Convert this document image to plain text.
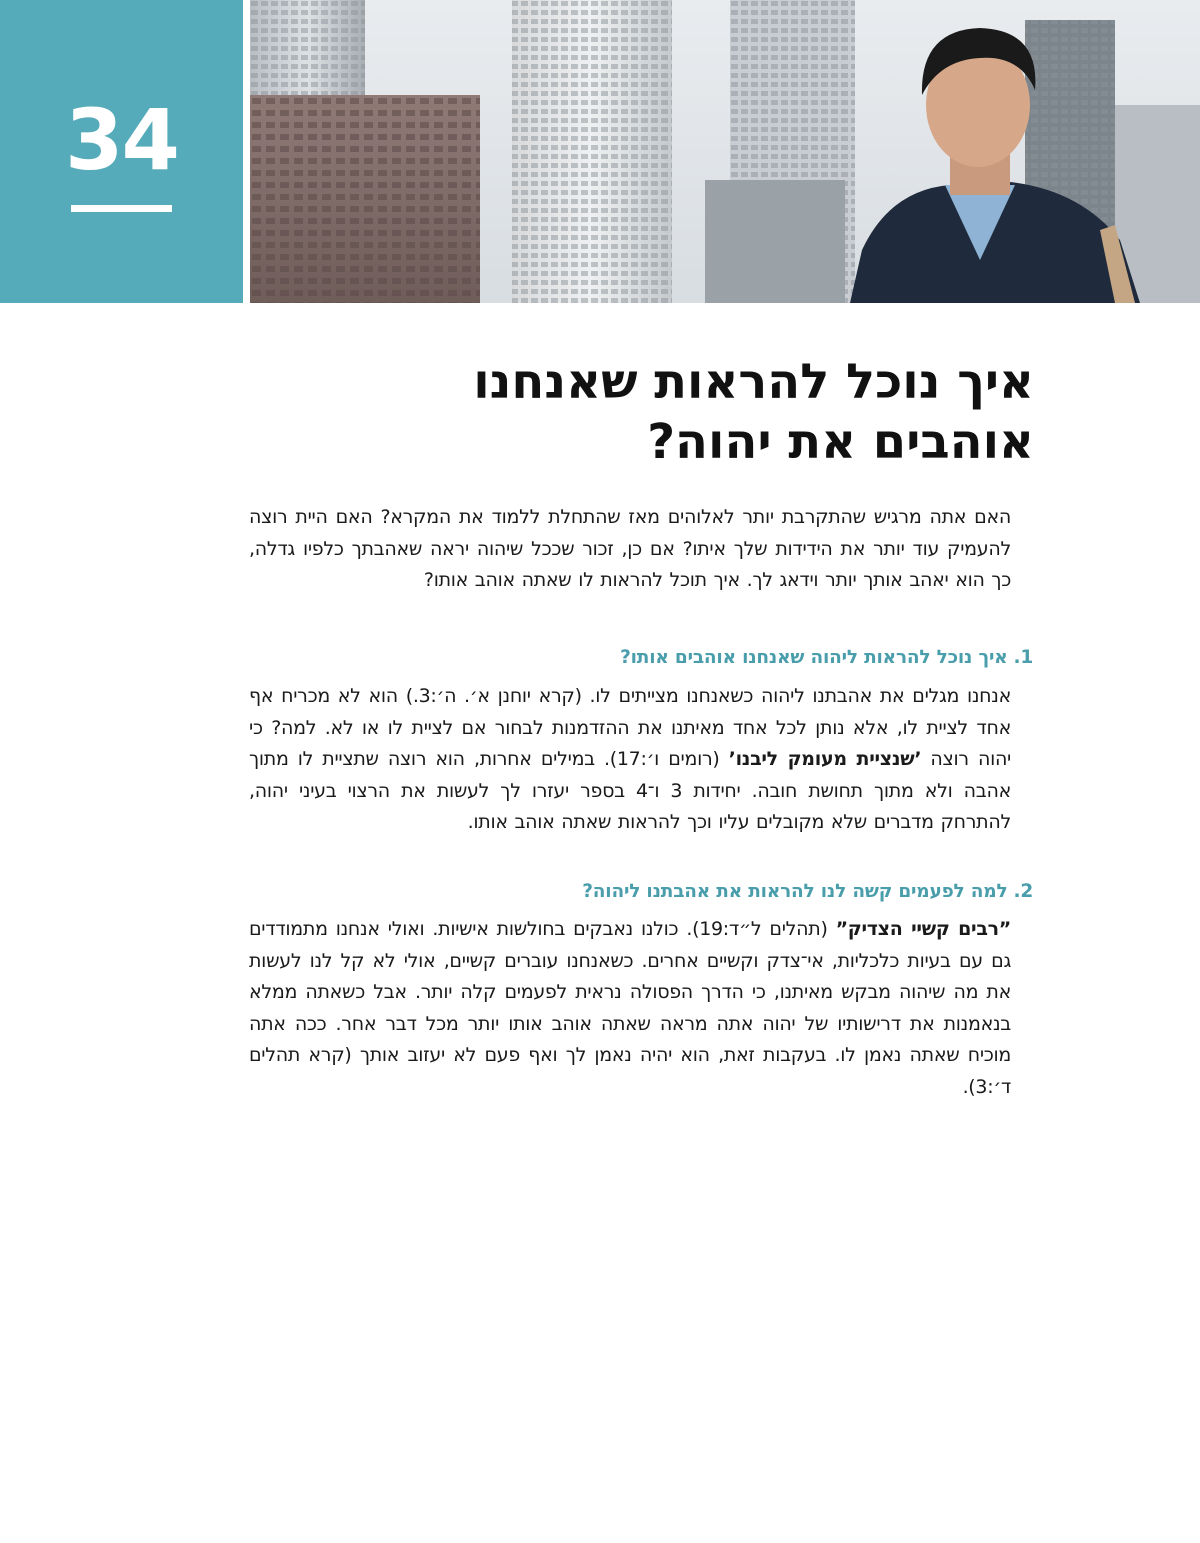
34
איך נוכל להראות שאנחנו
אוהבים את יהוה?

האם אתה מרגיש שהתקרבת יותר לאלוהים מאז שהתחלת ללמוד את המקרא? האם היית רוצה להעמיק עוד יותר את הידידות שלך איתו? אם כן, זכור שככל שיהוה יראה שאהבתך כלפיו גדלה, כך הוא יאהב אותך יותר וידאג לך. איך תוכל להראות לו שאתה אוהב אותו?

1.איך נוכל להראות ליהוה שאנחנו אוהבים אותו?

אנחנו מגלים את אהבתנו ליהוה כשאנחנו מצייתים לו. (קרא יוחנן א׳. ה׳:3.) הוא לא מכריח אף אחד לציית לו, אלא נותן לכל אחד מאיתנו את ההזדמנות לבחור אם לציית לו או לא. למה? כי יהוה רוצה ’שנציית מעומק ליבנו’ (רומים ו׳:17). במילים אחרות, הוא רוצה שתציית לו מתוך אהבה ולא מתוך תחושת חובה. יחידות 3 ו־4 בספר יעזרו לך לעשות את הרצוי בעיני יהוה, להתרחק מדברים שלא מקובלים עליו וכך להראות שאתה אוהב אותו.

2.למה לפעמים קשה לנו להראות את אהבתנו ליהוה?

”רבים קשיי הצדיק” (תהלים ל״ד:19). כולנו נאבקים בחולשות אישיות. ואולי אנחנו מתמודדים גם עם בעיות כלכליות, אי־צדק וקשיים אחרים. כשאנחנו עוברים קשיים, אולי לא קל לנו לעשות את מה שיהוה מבקש מאיתנו, כי הדרך הפסולה נראית לפעמים קלה יותר. אבל כשאתה ממלא בנאמנות את דרישותיו של יהוה אתה מראה שאתה אוהב אותו יותר מכל דבר אחר. ככה אתה מוכיח שאתה נאמן לו. בעקבות זאת, הוא יהיה נאמן לך ואף פעם לא יעזוב אותך (קרא תהלים ד׳:3).
